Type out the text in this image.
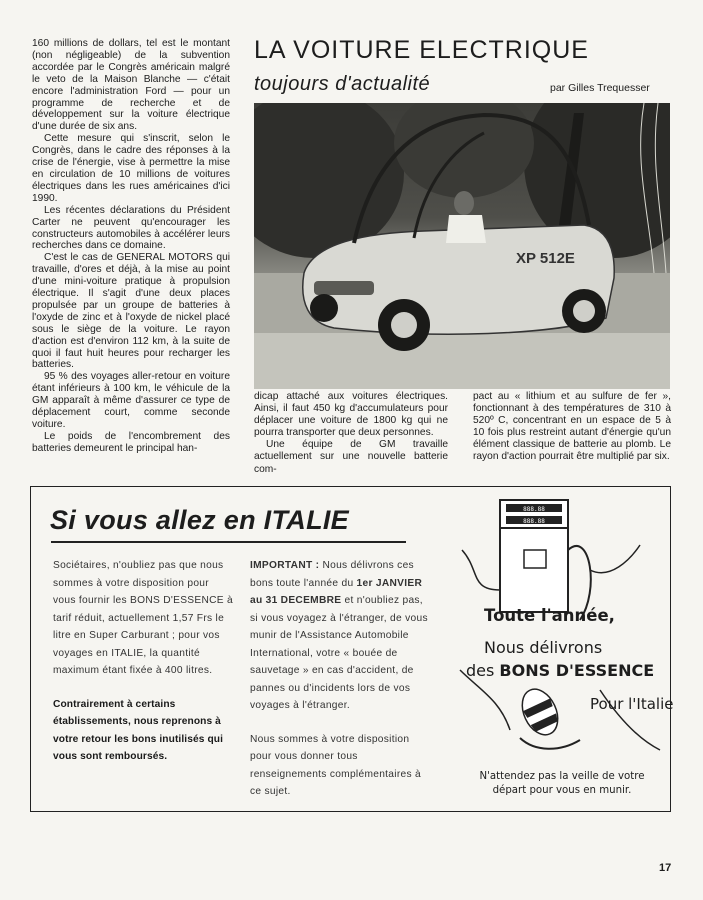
160 millions de dollars, tel est le montant (non négligeable) de la subvention accordée par le Congrès américain malgré le veto de la Maison Blanche — c'était encore l'administration Ford — pour un programme de recherche et de développement sur la voiture électrique d'une durée de six ans.

Cette mesure qui s'inscrit, selon le Congrès, dans le cadre des réponses à la crise de l'énergie, vise à permettre la mise en circulation de 10 millions de voitures électriques dans les rues américaines d'ici 1990.

Les récentes déclarations du Président Carter ne peuvent qu'encourager les constructeurs automobiles à accélérer leurs recherches dans ce domaine.

C'est le cas de GENERAL MOTORS qui travaille, d'ores et déjà, à la mise au point d'une mini-voiture pratique à propulsion électrique. Il s'agit d'une deux places propulsée par un groupe de batteries à l'oxyde de zinc et à l'oxyde de nickel placé sous le siège de la voiture. Le rayon d'action est d'environ 112 km, à la suite de quoi il faut huit heures pour recharger les batteries.

95 % des voyages aller-retour en voiture étant inférieurs à 100 km, le véhicule de la GM apparaît à même d'assurer ce type de déplacement court, comme seconde voiture.

Le poids de l'encombrement des batteries demeurent le principal han-

LA VOITURE ELECTRIQUE
toujours d'actualité	par Gilles Trequesser
XP 512E

dicap attaché aux voitures électriques. Ainsi, il faut 450 kg d'accumulateurs pour déplacer une voiture de 1800 kg qui ne pourra transporter que deux personnes.

Une équipe de GM travaille actuellement sur une nouvelle batterie com-

pact au « lithium et au sulfure de fer », fonctionnant à des températures de 310 à 520º C, concentrant en un espace de 5 à 10 fois plus restreint autant d'énergie qu'un élément classique de batterie au plomb. Le rayon d'action pourrait être multiplié par six.

Si vous allez en ITALIE

Sociétaires, n'oubliez pas que nous sommes à votre disposition pour vous fournir les BONS D'ESSENCE à tarif réduit, actuellement 1,57 Frs le litre en Super Carburant ; pour vos voyages en ITALIE, la quantité maximum étant fixée à 400 litres.

Contrairement à certains établissements, nous reprenons à votre retour les bons inutilisés qui vous sont remboursés.

IMPORTANT : Nous délivrons ces bons toute l'année du 1er JANVIER au 31 DECEMBRE et n'oubliez pas, si vous voyagez à l'étranger, de vous munir de l'Assistance Automobile International, votre « bouée de sauvetage » en cas d'accident, de pannes ou d'incidents lors de vos voyages à l'étranger.

Nous sommes à votre disposition pour vous donner tous renseignements complémentaires à ce sujet.

888.88
888.88
Toute l'année,
Nous délivrons
des BONS D'ESSENCE
Pour l'Italie
N'attendez pas la veille de votre
départ pour vous en munir.
17
